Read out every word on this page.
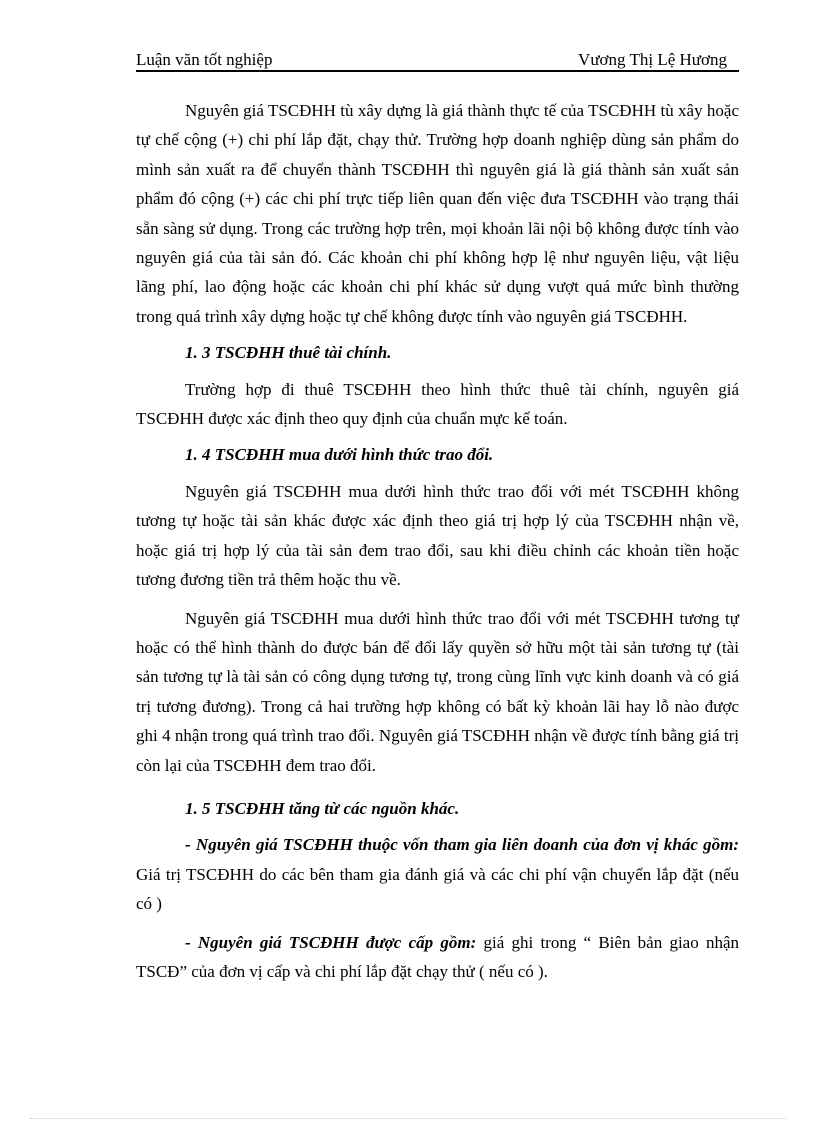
Luận văn tốt nghiệp	Vương Thị Lệ Hương

Nguyên giá TSCĐHH tù xây dựng là giá thành thực tế của TSCĐHH tù xây hoặc tự chế cộng (+) chi phí lắp đặt, chạy thử. Trường hợp doanh nghiệp dùng sản phẩm do mình sản xuất ra để chuyển thành TSCĐHH thì nguyên giá là giá thành sản xuất sản phẩm đó cộng (+) các chi phí trực tiếp liên quan đến việc đưa TSCĐHH vào trạng thái sẵn sàng sử dụng. Trong các trường hợp trên, mọi khoản lãi nội bộ không được tính vào nguyên giá của tài sản đó. Các khoản chi phí không hợp lệ như nguyên liệu, vật liệu lãng phí, lao động hoặc các khoản chi phí khác sử dụng vượt quá mức bình thường trong quá trình xây dựng hoặc tự chế không được tính vào nguyên giá TSCĐHH.

1. 3 TSCĐHH thuê tài chính.

Trường hợp đi thuê TSCĐHH theo hình thức thuê tài chính, nguyên giá TSCĐHH được xác định theo quy định của chuẩn mực kế toán.

1. 4 TSCĐHH mua dưới hình thức trao đổi.

Nguyên giá TSCĐHH mua dưới hình thức trao đổi với mét TSCĐHH không tương tự hoặc tài sản khác được xác định theo giá trị hợp lý của TSCĐHH nhận về, hoặc giá trị hợp lý của tài sản đem trao đổi, sau khi điều chỉnh các khoản tiền hoặc tương đương tiền trả thêm hoặc thu về.

Nguyên giá TSCĐHH mua dưới hình thức trao đổi với mét TSCĐHH tương tự hoặc có thể hình thành do được bán để đổi lấy quyền sở hữu một tài sản tương tự (tài sản tương tự là tài sản có công dụng tương tự, trong cùng lĩnh vực kinh doanh và có giá trị tương đương). Trong cả hai trường hợp không có bất kỳ khoản lãi hay lỗ nào được ghi 4 nhận trong quá trình trao đổi. Nguyên giá TSCĐHH nhận về được tính bằng giá trị còn lại của TSCĐHH đem trao đổi.

1. 5 TSCĐHH tăng từ các nguồn khác.

- Nguyên giá TSCĐHH thuộc vốn tham gia liên doanh của đơn vị khác gồm: Giá trị TSCĐHH do các bên tham gia đánh giá và các chi phí vận chuyển lắp đặt (nếu có )

- Nguyên giá TSCĐHH được cấp gồm: giá ghi trong “ Biên bản giao nhận TSCĐ” của đơn vị cấp và chi phí lắp đặt chạy thử ( nếu có ).
